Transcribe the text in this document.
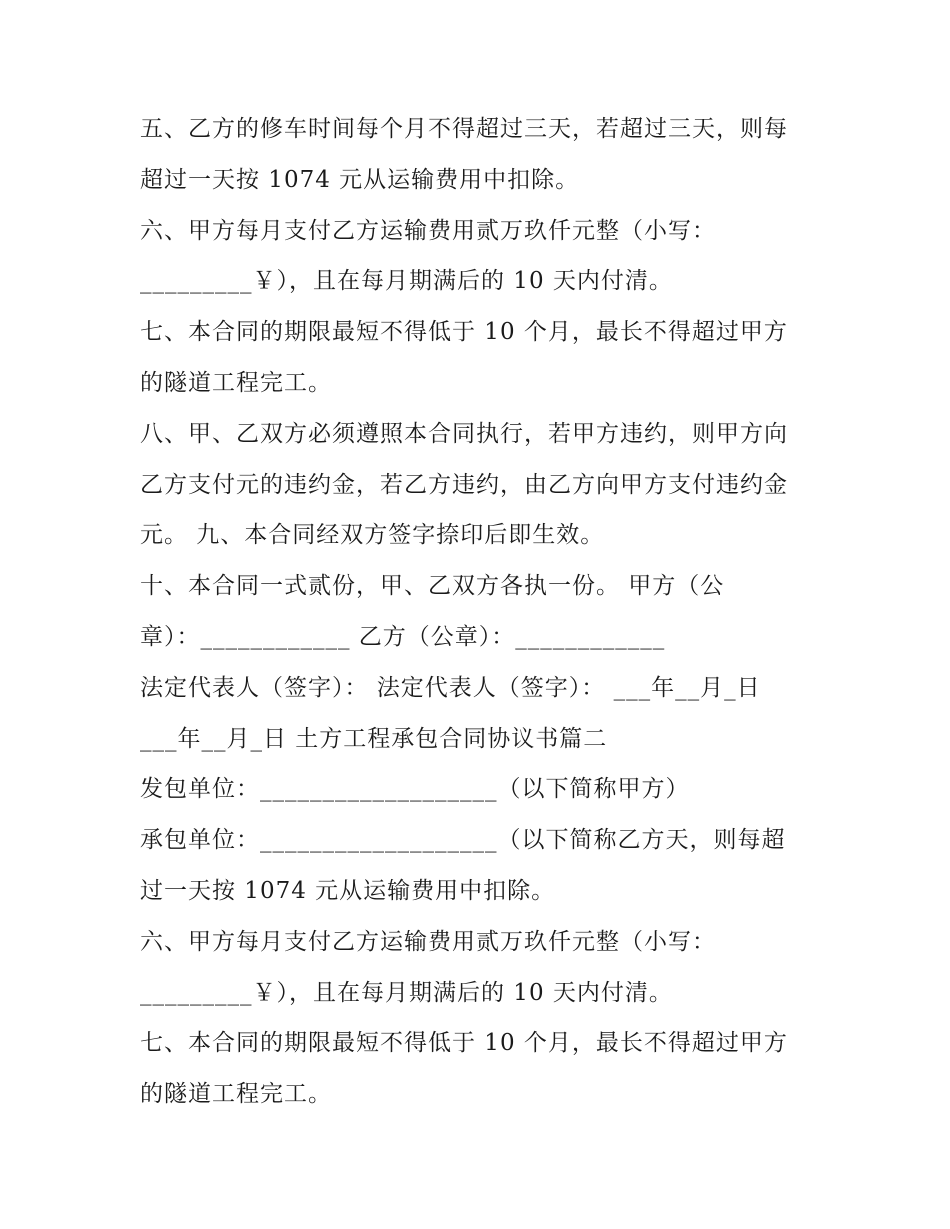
五、乙方的修车时间每个月不得超过三天，若超过三天，则每
超过一天按 1074 元从运输费用中扣除。
六、甲方每月支付乙方运输费用贰万玖仟元整（小写：
_________￥），且在每月期满后的 10 天内付清。
七、本合同的期限最短不得低于 10 个月，最长不得超过甲方
的隧道工程完工。
八、甲、乙双方必须遵照本合同执行，若甲方违约，则甲方向
乙方支付元的违约金，若乙方违约，由乙方向甲方支付违约金
元。 九、本合同经双方签字捺印后即生效。
十、本合同一式贰份，甲、乙双方各执一份。 甲方（公
章）：____________ 乙方（公章）：____________
法定代表人（签字）： 法定代表人（签字）： ___年__月_日
___年__月_日 土方工程承包合同协议书篇二
发包单位：___________________（以下简称甲方）
承包单位：___________________（以下简称乙方天，则每超
过一天按 1074 元从运输费用中扣除。
六、甲方每月支付乙方运输费用贰万玖仟元整（小写：
_________￥），且在每月期满后的 10 天内付清。
七、本合同的期限最短不得低于 10 个月，最长不得超过甲方
的隧道工程完工。
